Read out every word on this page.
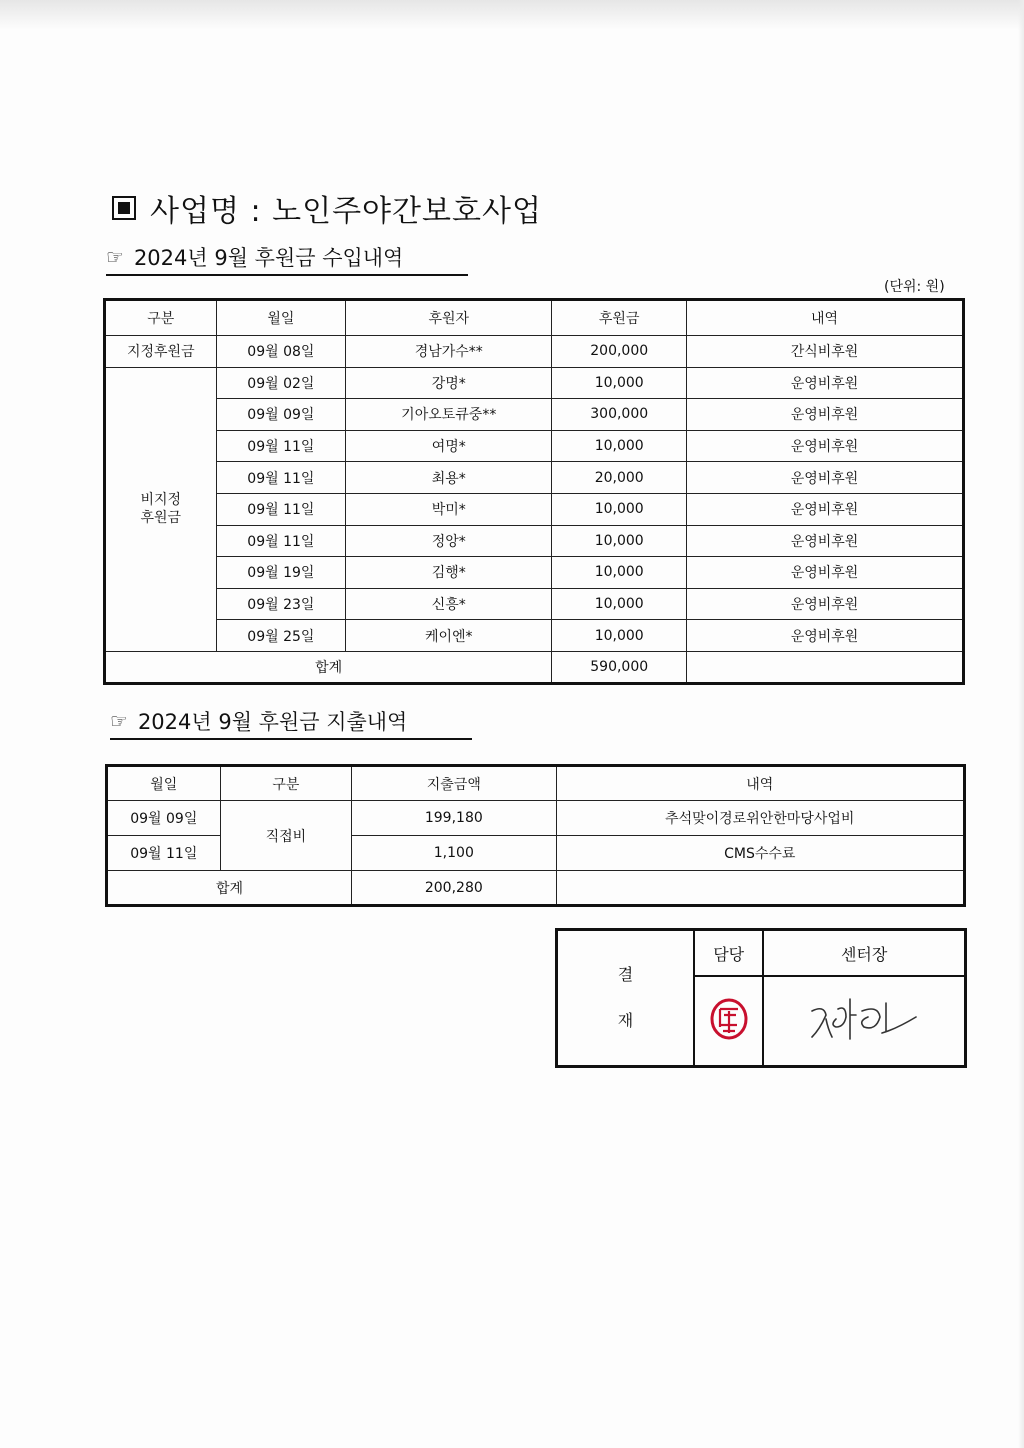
사업명 : 노인주야간보호사업
☞ 2024년 9월 후원금 수입내역
(단위: 원)
구분	월일	후원자	후원금	내역
지정후원금	09월 08일	경남가수**	200,000	간식비후원
비지정
후원금	09월 02일	강명*	10,000	운영비후원
	09월 09일	기아오토큐중**	300,000	운영비후원
	09월 11일	여명*	10,000	운영비후원
	09월 11일	최용*	20,000	운영비후원
	09월 11일	박미*	10,000	운영비후원
	09월 11일	정앙*	10,000	운영비후원
	09월 19일	김행*	10,000	운영비후원
	09월 23일	신흥*	10,000	운영비후원
	09월 25일	케이엔*	10,000	운영비후원
합계			590,000	
☞ 2024년 9월 후원금 지출내역
월일	구분	지출금액	내역
09월 09일	직접비	199,180	추석맞이경로위안한마당사업비
09월 11일		1,100	CMS수수료
합계		200,280	
결
재	담당	센터장
